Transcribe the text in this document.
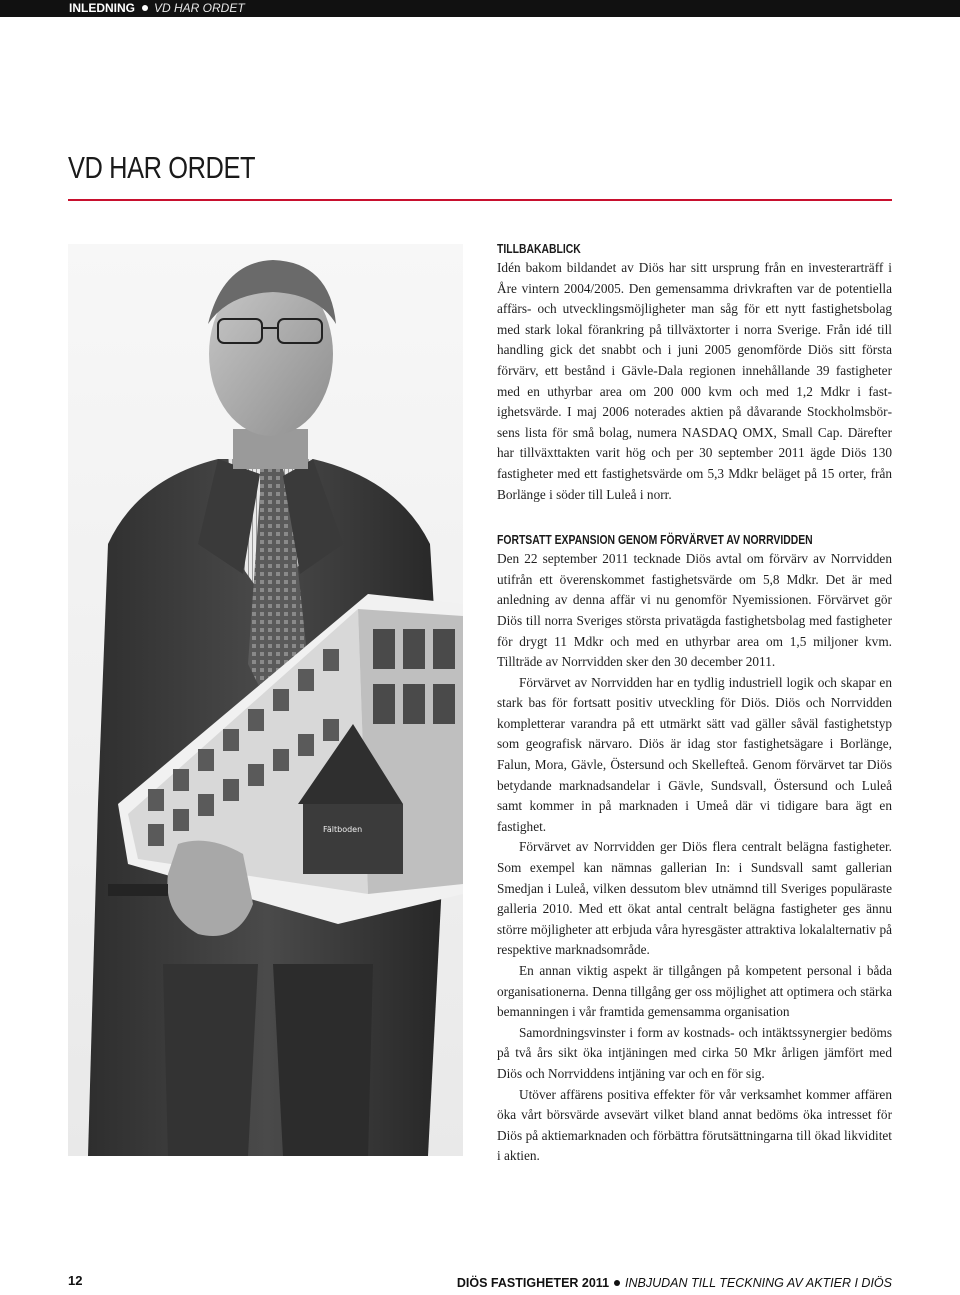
INLEDNING VD HAR ORDET
VD HAR ORDET
Fältboden
TILLBAKABLICK

Idén bakom bildandet av Diös har sitt ursprung från en investerarträff i Åre vintern 2004/2005. Den gemensamma drivkraften var de potentiella affärs- och utvecklingsmöjligheter man såg för ett nytt fastighetsbolag med stark lokal förankring på tillväxtorter i norra Sverige. Från idé till handling gick det snabbt och i juni 2005 genomförde Diös sitt första förvärv, ett bestånd i Gävle-Dala regionen innehållande 39 fastigheter med en uthyrbar area om 200 000 kvm och med 1,2 Mdkr i fastighetsvärde. I maj 2006 noterades aktien på dåvarande Stockholmsbörsens lista för små bolag, numera NASDAQ OMX, Small Cap. Därefter har tillväxttakten varit hög och per 30 september 2011 ägde Diös 130 fastigheter med ett fastighetsvärde om 5,3 Mdkr beläget på 15 orter, från Borlänge i söder till Luleå i norr.

FORTSATT EXPANSION GENOM FÖRVÄRVET AV NORRVIDDEN

Den 22 september 2011 tecknade Diös avtal om förvärv av Norrvidden utifrån ett överenskommet fastighetsvärde om 5,8 Mdkr. Det är med anledning av denna affär vi nu genomför Nyemissionen. Förvärvet gör Diös till norra Sveriges största privatägda fastighetsbolag med fastigheter för drygt 11 Mdkr och med en uthyrbar area om 1,5 miljoner kvm. Tillträde av Norrvidden sker den 30 december 2011.

Förvärvet av Norrvidden har en tydlig industriell logik och skapar en stark bas för fortsatt positiv utveckling för Diös. Diös och Norrvidden kompletterar varandra på ett utmärkt sätt vad gäller såväl fastighetstyp som geografisk närvaro. Diös är idag stor fastighetsägare i Borlänge, Falun, Mora, Gävle, Östersund och Skellefteå. Genom förvärvet tar Diös betydande marknadsandelar i Gävle, Sundsvall, Östersund och Luleå samt kommer in på marknaden i Umeå där vi tidigare bara ägt en fastighet.

Förvärvet av Norrvidden ger Diös flera centralt belägna fastigheter. Som exempel kan nämnas gallerian In: i Sundsvall samt gallerian Smedjan i Luleå, vilken dessutom blev utnämnd till Sveriges populäraste galleria 2010. Med ett ökat antal centralt belägna fastigheter ges ännu större möjligheter att erbjuda våra hyresgäster attraktiva lokalalternativ på respektive marknadsområde.

En annan viktig aspekt är tillgången på kompetent personal i båda organisationerna. Denna tillgång ger oss möjlighet att optimera och stärka bemanningen i vår framtida gemensamma organisation

Samordningsvinster i form av kostnads- och intäktssynergier bedöms på två års sikt öka intjäningen med cirka 50 Mkr årligen jämfört med Diös och Norrviddens intjäning var och en för sig.

Utöver affärens positiva effekter för vår verksamhet kommer affären öka vårt börsvärde avsevärt vilket bland annat bedöms öka intresset för Diös på aktiemarknaden och förbättra förutsättningarna till ökad likviditet i aktien.

12	DIÖS FASTIGHETER 2011 INBJUDAN TILL TECKNING AV AKTIER I DIÖS
